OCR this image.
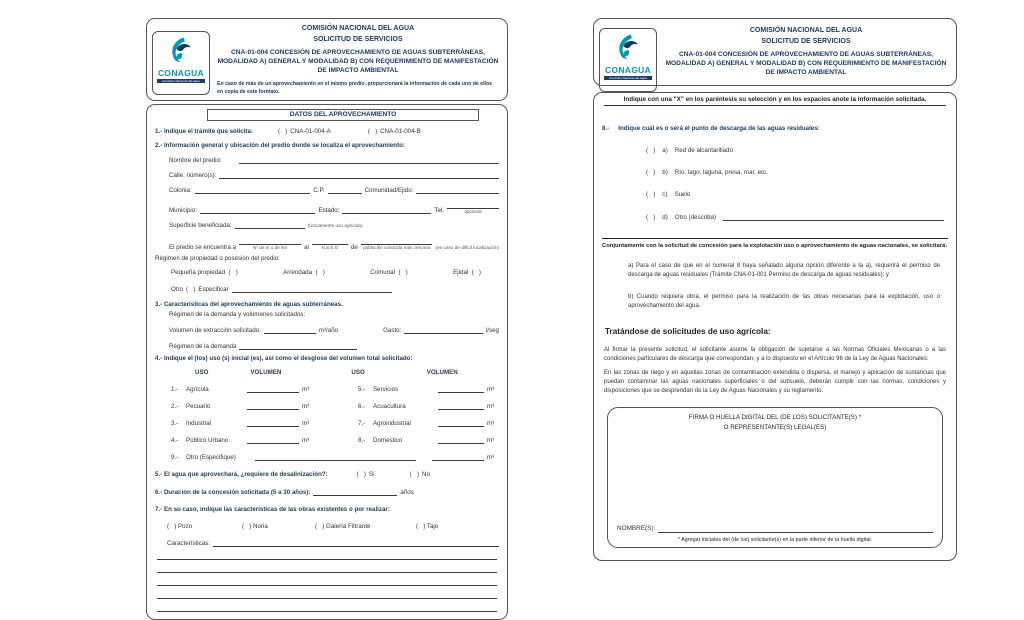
CONAGUA
Comisión Nacional del Agua
COMISIÓN NACIONAL DEL AGUA
SOLICITUD DE SERVICIOS
CNA-01-004 CONCESIÓN DE APROVECHAMIENTO DE AGUAS SUBTERRÁNEAS, MODALIDAD A) GENERAL Y MODALIDAD B) CON REQUERIMIENTO DE MANIFESTACIÓN DE IMPACTO AMBIENTAL
En caso de más de un aprovechamiento en el mismo predio, proporcionará la información de cada uno de ellos en copia de este formato.
DATOS DEL APROVECHAMIENTO
1.- Indique el trámite que solicita:	(   ) CNA-01-004-A	(   ) CNA-01-004-B
2.- Información general y ubicación del predio donde se localiza el aprovechamiento:
Nombre del predio:
Calle, número(s):
Colonia:	C.P.	Comunidad/Ejido:
Municipio:	Estado:	Tel.	opcional
Superficie beneficiada:	(Únicamente uso agrícola)
El predio se encuentra a	Nº de m o de km	al	N,S,E,O	de	población conocida más cercana	(en caso de difícil localización)
Régimen de propiedad o posesión del predio:
Pequeña propiedad (   )	Arrendada (   )	Comunal (   )	Ejidal (   )
Otro (   ) Especificar
3.- Características del aprovechamiento de aguas subterráneas.
Régimen de la demanda y volúmenes solicitados:
Volumen de extracción solicitado:	m³/año	Gasto:	l/seg
Régimen de la demanda
4.- Indique el (los) uso (s) inicial (es), así como el desglose del volumen total solicitado:
USO	VOLUMEN	USO	VOLUMEN
1.-	Agrícola	m³	5.-	Servicios	m³
2.-	Pecuario	m³	6.-	Acuacultura	m³
3.-	Industrial	m³	7.-	Agroindustrial	m³
4.-	Público Urbano	m³	8.-	Domestico	m³
9.-	Otro (Especifique)	m³
5.- El agua que aprovechará, ¿requiere de desalinización?:	(   ) Sí	(   ) No
6.- Duración de la concesión solicitada (5 a 30 años):	años
7.- En su caso, indique las características de las obras existentes o por realizar:
(   ) Pozo	(   ) Noria	(   ) Galería Filtrante	(   ) Tajo
Características:
CONAGUA
Comisión Nacional del Agua
COMISIÓN NACIONAL DEL AGUA
SOLICITUD DE SERVICIOS
CNA-01-004 CONCESIÓN DE APROVECHAMIENTO DE AGUAS SUBTERRÁNEAS, MODALIDAD A) GENERAL Y MODALIDAD B) CON REQUERIMIENTO DE MANIFESTACIÓN DE IMPACTO AMBIENTAL
Indique con una "X" en los paréntesis su selección y en los espacios anote la información solicitada.
8.- Indique cuál es o será el punto de descarga de las aguas residuales:
(   ) a) Red de alcantarillado
(   ) b) Río, lago, laguna, presa, mar, etc.
(   ) c) Suelo
(   ) d) Otro (describa)
Conjuntamente con la solicitud de concesión para la explotación uso o aprovechamiento de aguas nacionales, se solicitará:
a) Para el caso de que en el numeral 8 haya señalado alguna opción diferente a la a), requerirá el permiso de descarga de aguas residuales (Trámite CNA-01-001 Permiso de descarga de aguas residuales); y
b) Cuando requiera obra, el permiso para la realización de las obras necesarias para la explotación, uso o aprovechamiento del agua.
Tratándose de solicitudes de uso agrícola:
Al firmar la presente solicitud, el solicitante asume la obligación de sujetarse a las Normas Oficiales Mexicanas o a las condiciones particulares de descarga que correspondan, y a lo dispuesto en el Artículo 96 de la Ley de Aguas Nacionales:
En las zonas de riego y en aquellas zonas de contaminación extendida o dispersa, el manejo y aplicación de sustancias que puedan contaminar las aguas nacionales superficiales o del subsuelo, deberán cumplir con las normas, condiciones y disposiciones que se desprendan de la Ley de Aguas Nacionales y su reglamento.
FIRMA O HUELLA DIGITAL DEL (DE LOS) SOLICITANTE(S) *
O REPRESENTANTE(S) LEGAL(ES)
NOMBRE(S):
* Agregar iniciales del (de los) solicitante(s) en la parte inferior de la huella digital.
